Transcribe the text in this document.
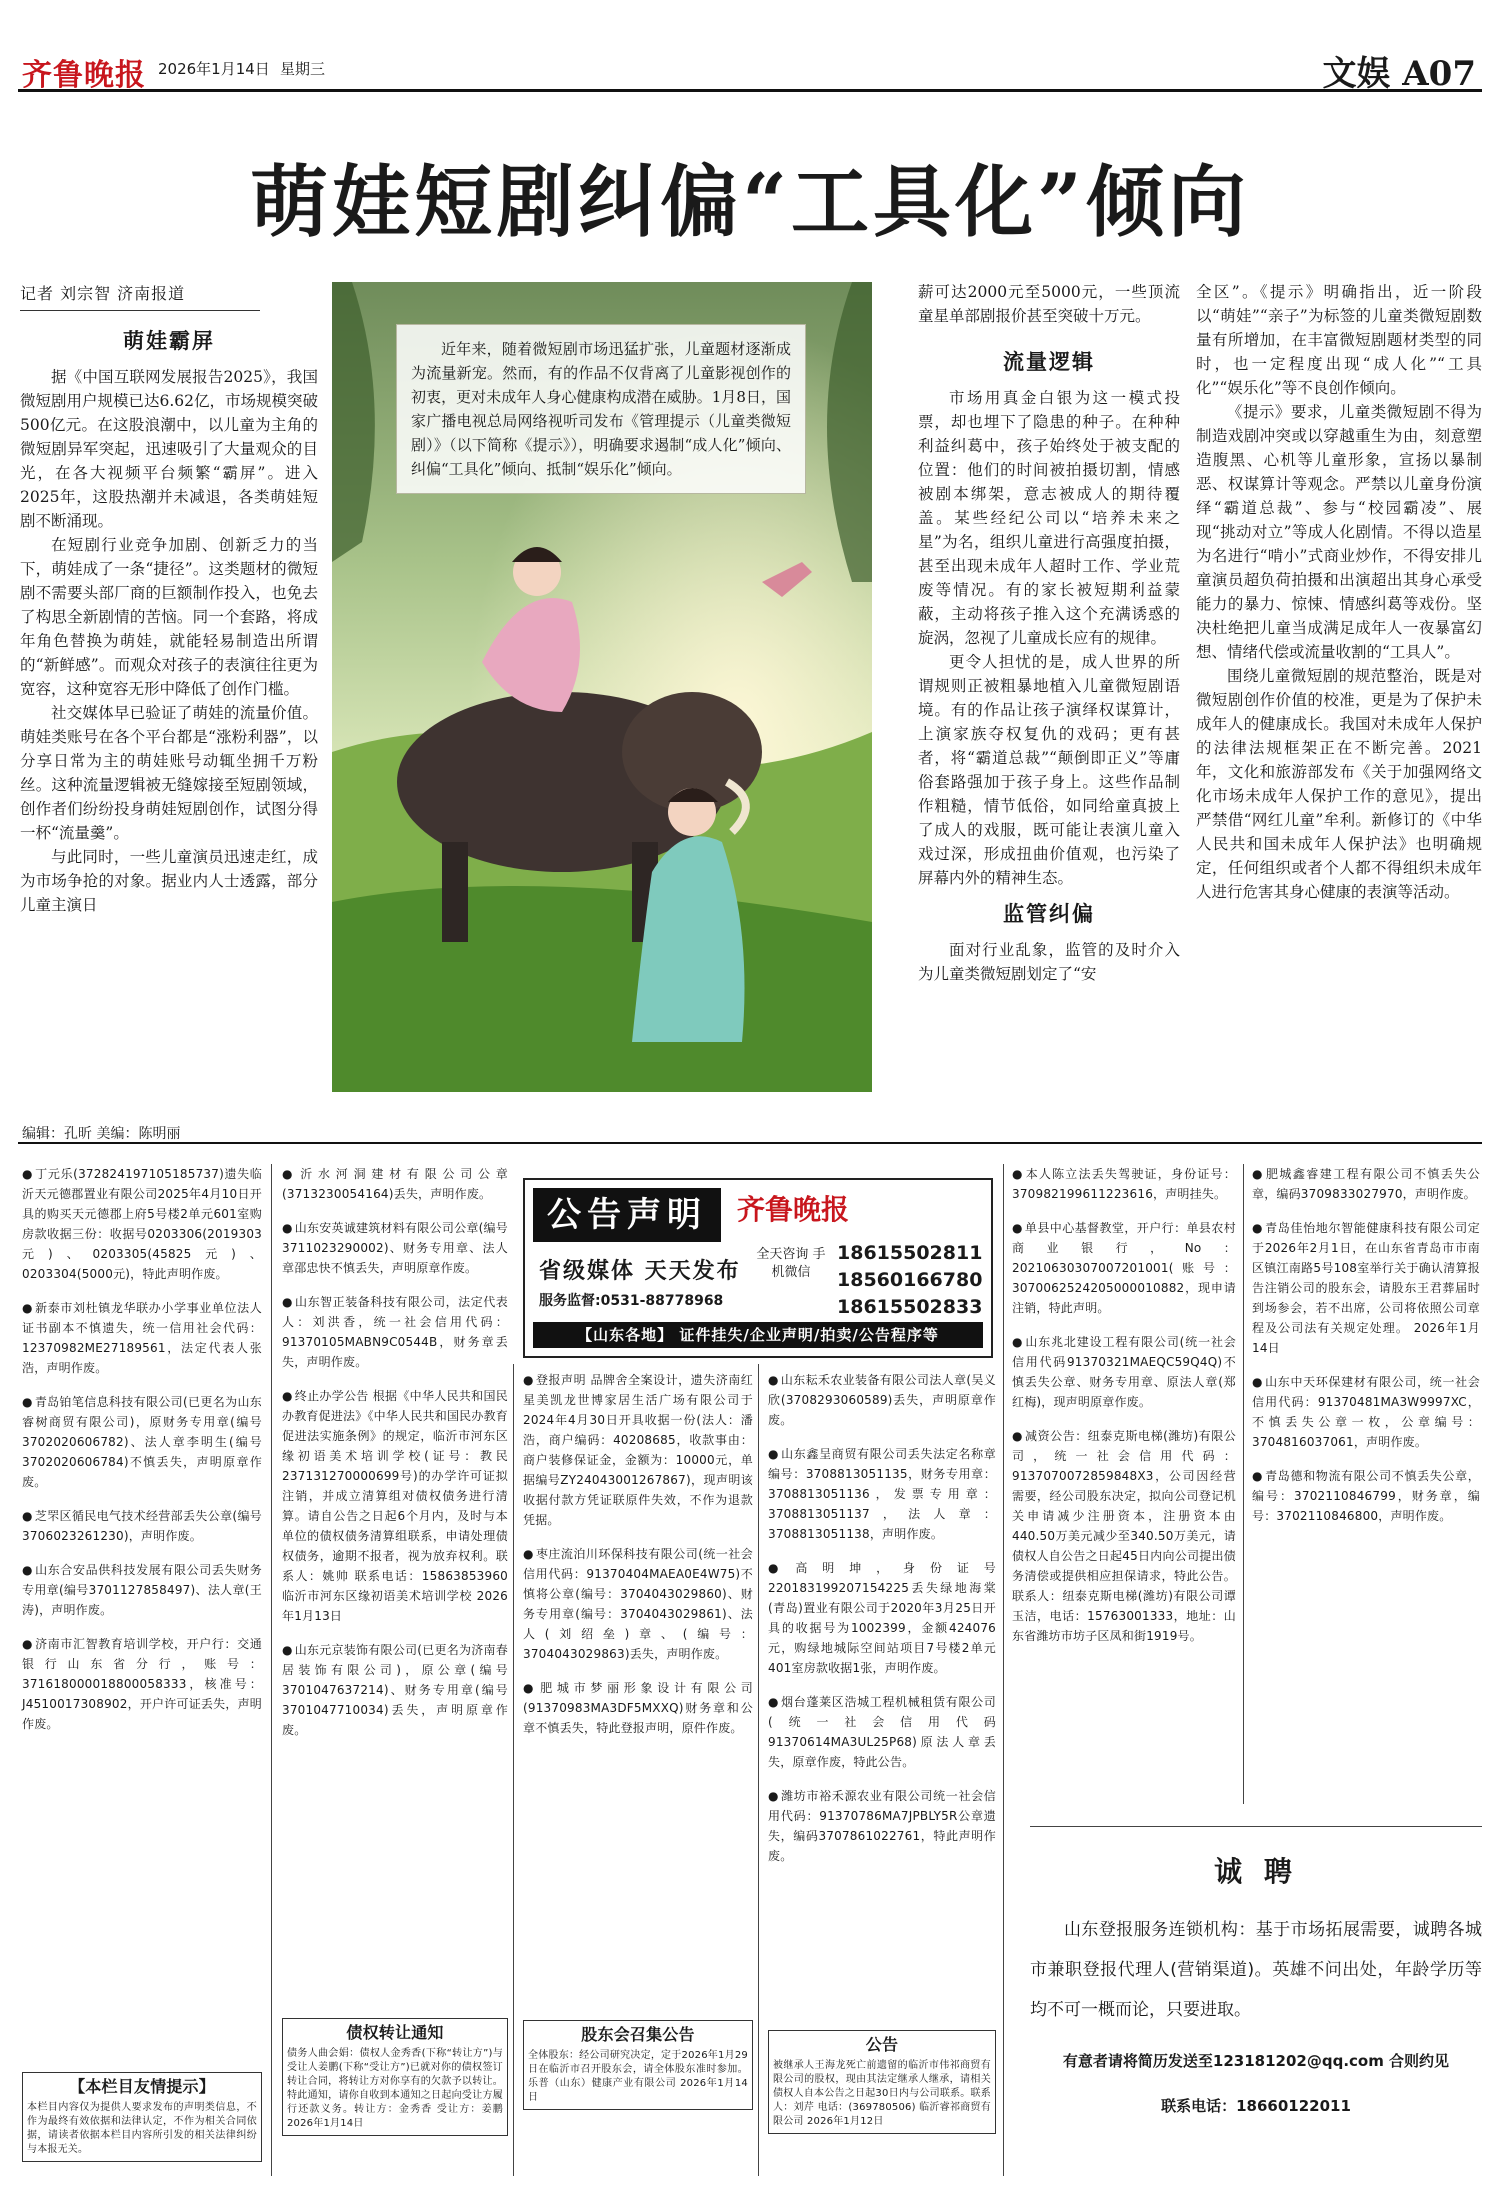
齐鲁晚报 2026年1月14日 星期三	文娱 A07
萌娃短剧纠偏“工具化”倾向
记者 刘宗智 济南报道
萌娃霸屏

据《中国互联网发展报告2025》，我国微短剧用户规模已达6.62亿，市场规模突破500亿元。在这股浪潮中，以儿童为主角的微短剧异军突起，迅速吸引了大量观众的目光，在各大视频平台频繁“霸屏”。进入2025年，这股热潮并未减退，各类萌娃短剧不断涌现。

在短剧行业竞争加剧、创新乏力的当下，萌娃成了一条“捷径”。这类题材的微短剧不需要头部厂商的巨额制作投入，也免去了构思全新剧情的苦恼。同一个套路，将成年角色替换为萌娃，就能轻易制造出所谓的“新鲜感”。而观众对孩子的表演往往更为宽容，这种宽容无形中降低了创作门槛。

社交媒体早已验证了萌娃的流量价值。萌娃类账号在各个平台都是“涨粉利器”，以分享日常为主的萌娃账号动辄坐拥千万粉丝。这种流量逻辑被无缝嫁接至短剧领域，创作者们纷纷投身萌娃短剧创作，试图分得一杯“流量羹”。

与此同时，一些儿童演员迅速走红，成为市场争抢的对象。据业内人士透露，部分儿童主演日

近年来，随着微短剧市场迅猛扩张，儿童题材逐渐成为流量新宠。然而，有的作品不仅背离了儿童影视创作的初衷，更对未成年人身心健康构成潜在威胁。1月8日，国家广播电视总局网络视听司发布《管理提示（儿童类微短剧）》（以下简称《提示》），明确要求遏制“成人化”倾向、纠偏“工具化”倾向、抵制“娱乐化”倾向。

薪可达2000元至5000元，一些顶流童星单部剧报价甚至突破十万元。

流量逻辑

市场用真金白银为这一模式投票，却也埋下了隐患的种子。在种种利益纠葛中，孩子始终处于被支配的位置：他们的时间被拍摄切割，情感被剧本绑架，意志被成人的期待覆盖。某些经纪公司以“培养未来之星”为名，组织儿童进行高强度拍摄，甚至出现未成年人超时工作、学业荒废等情况。有的家长被短期利益蒙蔽，主动将孩子推入这个充满诱惑的旋涡，忽视了儿童成长应有的规律。

更令人担忧的是，成人世界的所谓规则正被粗暴地植入儿童微短剧语境。有的作品让孩子演绎权谋算计，上演家族夺权复仇的戏码；更有甚者，将“霸道总裁”“颠倒即正义”等庸俗套路强加于孩子身上。这些作品制作粗糙，情节低俗，如同给童真披上了成人的戏服，既可能让表演儿童入戏过深，形成扭曲价值观，也污染了屏幕内外的精神生态。

监管纠偏

面对行业乱象，监管的及时介入为儿童类微短剧划定了“安

全区”。《提示》明确指出，近一阶段以“萌娃”“亲子”为标签的儿童类微短剧数量有所增加，在丰富微短剧题材类型的同时，也一定程度出现“成人化”“工具化”“娱乐化”等不良创作倾向。

《提示》要求，儿童类微短剧不得为制造戏剧冲突或以穿越重生为由，刻意塑造腹黑、心机等儿童形象，宣扬以暴制恶、权谋算计等观念。严禁以儿童身份演绎“霸道总裁”、参与“校园霸凌”、展现“挑动对立”等成人化剧情。不得以造星为名进行“啃小”式商业炒作，不得安排儿童演员超负荷拍摄和出演超出其身心承受能力的暴力、惊悚、情感纠葛等戏份。坚决杜绝把儿童当成满足成年人一夜暴富幻想、情绪代偿或流量收割的“工具人”。

围绕儿童微短剧的规范整治，既是对微短剧创作价值的校准，更是为了保护未成年人的健康成长。我国对未成年人保护的法律法规框架正在不断完善。2021年，文化和旅游部发布《关于加强网络文化市场未成年人保护工作的意见》，提出严禁借“网红儿童”牟利。新修订的《中华人民共和国未成年人保护法》也明确规定，任何组织或者个人都不得组织未成年人进行危害其身心健康的表演等活动。

编辑：孔昕 美编：陈明丽
● 丁元乐(37282419710518573​7)遗失临沂天元德郡置业有限公司2025年4月10日开具的购买天元德郡上府5号楼2单元601室购房款收据三份：收据号0203306(2019303元)、0203305(45825元)、0203304(5000元)，特此声明作废。
● 新泰市刘杜镇龙华联办小学事业单位法人证书副本不慎遗失，统一信用社会代码：12370982ME27189561，法定代表人张浩，声明作废。
● 青岛铂笔信息科技有限公司(已更名为山东睿树商贸有限公司)，原财务专用章(编号3702020606782)、法人章李明生(编号3702020606784)不慎丢失，声明原章作废。
● 芝罘区循民电气技术经营部丢失公章(编号3706023261230)，声明作废。
● 山东合安品供科技发展有限公司丢失财务专用章(编号3701127858497)、法人章(王涛)，声明作废。
● 济南市汇智教育培训学校，开户行：交通银行山东省分行，账号：371618000018800058333，核准号：J4510017308902，开户许可证丢失，声明作废。
【本栏目友情提示】
本栏目内容仅为提供人要求发布的声明类信息，不作为最终有效依据和法律认定，不作为相关合同依据，请读者依据本栏目内容所引发的相关法律纠纷与本报无关。
● 沂水河洞建材有限公司公章(3713230054164)丢失，声明作废。
● 山东安英诚建筑材料有限公司公章(编号3711023290002)、财务专用章、法人章邵忠快不慎丢失，声明原章作废。
● 山东智正装备科技有限公司，法定代表人：刘洪香，统一社会信用代码：91370105MABN9C0544B，财务章丢失，声明作废。
● 终止办学公告 根据《中华人民共和国民办教育促进法》《中华人民共和国民办教育促进法实施条例》的规定，临沂市河东区缘初语美术培训学校(证号：教民237131270000699号)的办学许可证拟注销，并成立清算组对债权债务进行清算。请自公告之日起6个月内，及时与本单位的债权债务清算组联系，申请处理债权债务，逾期不报者，视为放弃权利。联系人：姚帅 联系电话：15863853960 临沂市河东区缘初语美术培训学校 2026年1月13日
● 山东元京装饰有限公司(已更名为济南春居装饰有限公司)，原公章(编号3701047637214)、财务专用章(编号3701047710034)丢失，声明原章作废。
债权转让通知
债务人曲会娟：债权人金秀香(下称“转让方”)与受让人姜鹏(下称“受让方”)已就对你的债权签订转让合同，将转让方对你享有的欠款予以转让。特此通知，请你自收到本通知之日起向受让方履行还款义务。转让方：金秀香 受让方：姜鹏 2026年1月14日
公告声明	齐鲁晚报
省级媒体 天天发布
服务监督:0531-88778968
全天咨询 手机微信
18615502811
18560166780
18615502833
【山东各地】 证件挂失/企业声明/拍卖/公告程序等
● 登报声明 品牌舍全案设计，遗失济南红星美凯龙世博家居生活广场有限公司于2024年4月30日开具收据一份(法人：潘浩，商户编码：40208685，收款事由：商户装修保证金，金额为：10000元，单据编号ZY24043001267867)，现声明该收据付款方凭证联原件失效，不作为退款凭据。
● 枣庄流泊川环保科技有限公司(统一社会信用代码：91370404MAEA0E4W75)不慎将公章(编号：3704043029860)、财务专用章(编号：3704043029861)、法人(刘绍垒)章、(编号：3704043029863)丢失，声明作废。
● 肥城市梦丽形象设计有限公司(91370983MA3DF5MXXQ)财务章和公章不慎丢失，特此登报声明，原件作废。
股东会召集公告
全体股东：经公司研究决定，定于2026年1月29日在临沂市召开股东会，请全体股东准时参加。乐普（山东）健康产业有限公司 2026年1月14日
● 山东耘禾农业装备有限公司法人章(吴义欣(3708293060589)丢失，声明原章作废。
● 山东鑫呈商贸有限公司丢失法定名称章编号：3708813051135，财务专用章：3708813051136，发票专用章：3708813051137，法人章：3708813051138，声明作废。
● 高明坤，身份证号220183199207154225丢失绿地海棠(青岛)置业有限公司于2020年3月25日开具的收据号为1002399，金额424076元，购绿地城际空间站项目7号楼2单元401室房款收据1张，声明作废。
● 烟台蓬莱区浩城工程机械租赁有限公司(统一社会信用代码91370614MA3UL25P68)原法人章丢失，原章作废，特此公告。
● 潍坊市裕禾源农业有限公司统一社会信用代码：91370786MA7JPBLY5R公章遗失，编码3707861022761，特此声明作废。
公告
被继承人王海龙死亡前遗留的临沂市伟祁商贸有限公司的股权，现由其法定继承人继承，请相关债权人自本公告之日起30日内与公司联系。联系人：刘芹 电话：(369780506) 临沂睿祁商贸有限公司 2026年1月12日
● 本人陈立法丢失驾驶证，身份证号：370982199611223616，声明挂失。
● 单县中心基督教堂，开户行：单县农村商业银行，No：2021063030700720100​1(账号：3070062524205000010882，现申请注销，特此声明。
● 山东兆北建设工程有限公司(统一社会信用代码91370321MAEQC59Q4Q)不慎丢失公章、财务专用章、原法人章(郑红梅)，现声明原章作废。
● 减资公告：纽泰克斯电梯(潍坊)有限公司，统一社会信用代码：91370700728598​48X3，公司因经营需要，经公司股东决定，拟向公司登记机关申请减少注册资本，注册资本由440.50万美元减少至340.50万美元，请债权人自公告之日起45日内向公司提出债务清偿或提供相应担保请求，特此公告。联系人：纽泰克斯电梯(潍坊)有限公司谭玉洁，电话：15763001333，地址：山东省潍坊市坊子区凤和街1919号。
● 肥城鑫睿建工程有限公司不慎丢失公章，编码3709833027970，声明作废。
● 青岛佳怡地尔智能健康科技有限公司定于2026年2月1日，在山东省青岛市市南区镇江南路5号108室举行关于确认清算报告注销公司的股东会，请股东王君葬届时到场参会，若不出席，公司将依照公司章程及公司法有关规定处理。 2026年1月14日
● 山东中天环保建材有限公司，统一社会信用代码：91370481MA3W9997XC，不慎丢失公章一枚，公章编号：3704816037061，声明作废。
● 青岛德和物流有限公司不慎丢失公章，编号：3702110846799，财务章，编号：3702110846800，声明作废。
诚 聘
山东登报服务连锁机构：基于市场拓展需要，诚聘各城市兼职登报代理人(营销渠道)。英雄不问出处，年龄学历等均不可一概而论，只要进取。
有意者请将简历发送至123181202@qq.com 合则约见
联系电话：18660122011
